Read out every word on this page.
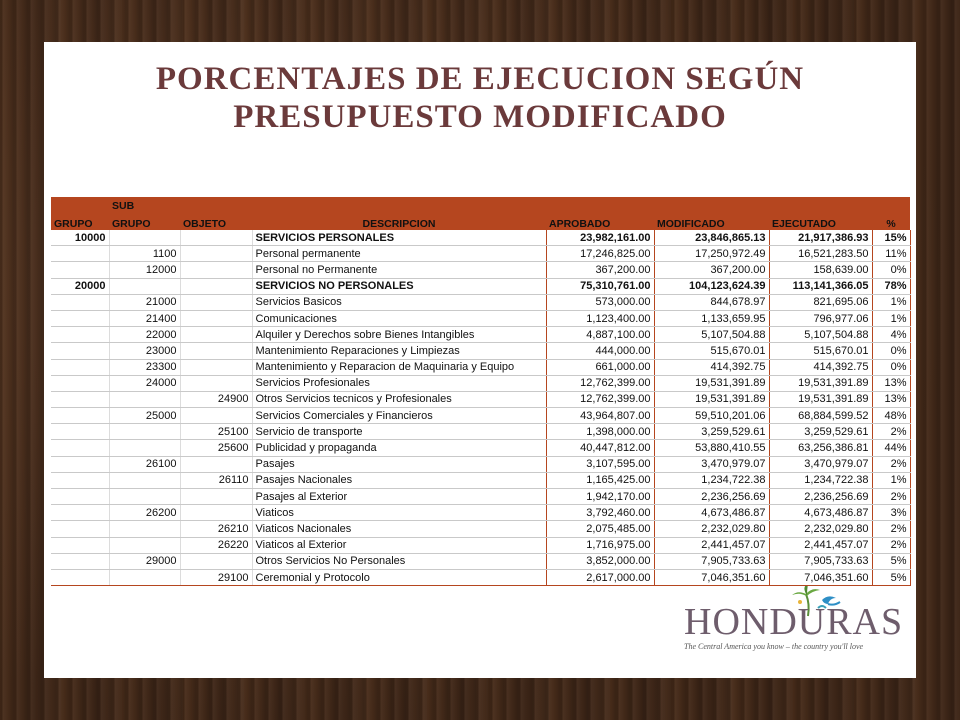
PORCENTAJES DE EJECUCION SEGÚN
PRESUPUESTO MODIFICADO
	SUB						
GRUPO	GRUPO	OBJETO	DESCRIPCION	APROBADO	MODIFICADO	EJECUTADO	%
10000			SERVICIOS PERSONALES	23,982,161.00	23,846,865.13	21,917,386.93	15%
	1100		Personal permanente	17,246,825.00	17,250,972.49	16,521,283.50	11%
	12000		Personal no Permanente	367,200.00	367,200.00	158,639.00	0%
20000			SERVICIOS NO PERSONALES	75,310,761.00	104,123,624.39	113,141,366.05	78%
	21000		Servicios Basicos	573,000.00	844,678.97	821,695.06	1%
	21400		Comunicaciones	1,123,400.00	1,133,659.95	796,977.06	1%
	22000		Alquiler y Derechos sobre Bienes Intangibles	4,887,100.00	5,107,504.88	5,107,504.88	4%
	23000		Mantenimiento Reparaciones y Limpiezas	444,000.00	515,670.01	515,670.01	0%
	23300		Mantenimiento y Reparacion de Maquinaria y Equipo	661,000.00	414,392.75	414,392.75	0%
	24000		Servicios Profesionales	12,762,399.00	19,531,391.89	19,531,391.89	13%
		24900	Otros Servicios tecnicos y Profesionales	12,762,399.00	19,531,391.89	19,531,391.89	13%
	25000		Servicios Comerciales y Financieros	43,964,807.00	59,510,201.06	68,884,599.52	48%
		25100	Servicio de transporte	1,398,000.00	3,259,529.61	3,259,529.61	2%
		25600	Publicidad y propaganda	40,447,812.00	53,880,410.55	63,256,386.81	44%
	26100		Pasajes	3,107,595.00	3,470,979.07	3,470,979.07	2%
		26110	Pasajes Nacionales	1,165,425.00	1,234,722.38	1,234,722.38	1%
			Pasajes al Exterior	1,942,170.00	2,236,256.69	2,236,256.69	2%
	26200		Viaticos	3,792,460.00	4,673,486.87	4,673,486.87	3%
		26210	Viaticos Nacionales	2,075,485.00	2,232,029.80	2,232,029.80	2%
		26220	Viaticos al Exterior	1,716,975.00	2,441,457.07	2,441,457.07	2%
	29000		Otros Servicios No Personales	3,852,000.00	7,905,733.63	7,905,733.63	5%
		29100	Ceremonial y Protocolo	2,617,000.00	7,046,351.60	7,046,351.60	5%
HONDURAS
The Central America you know – the country you'll love
